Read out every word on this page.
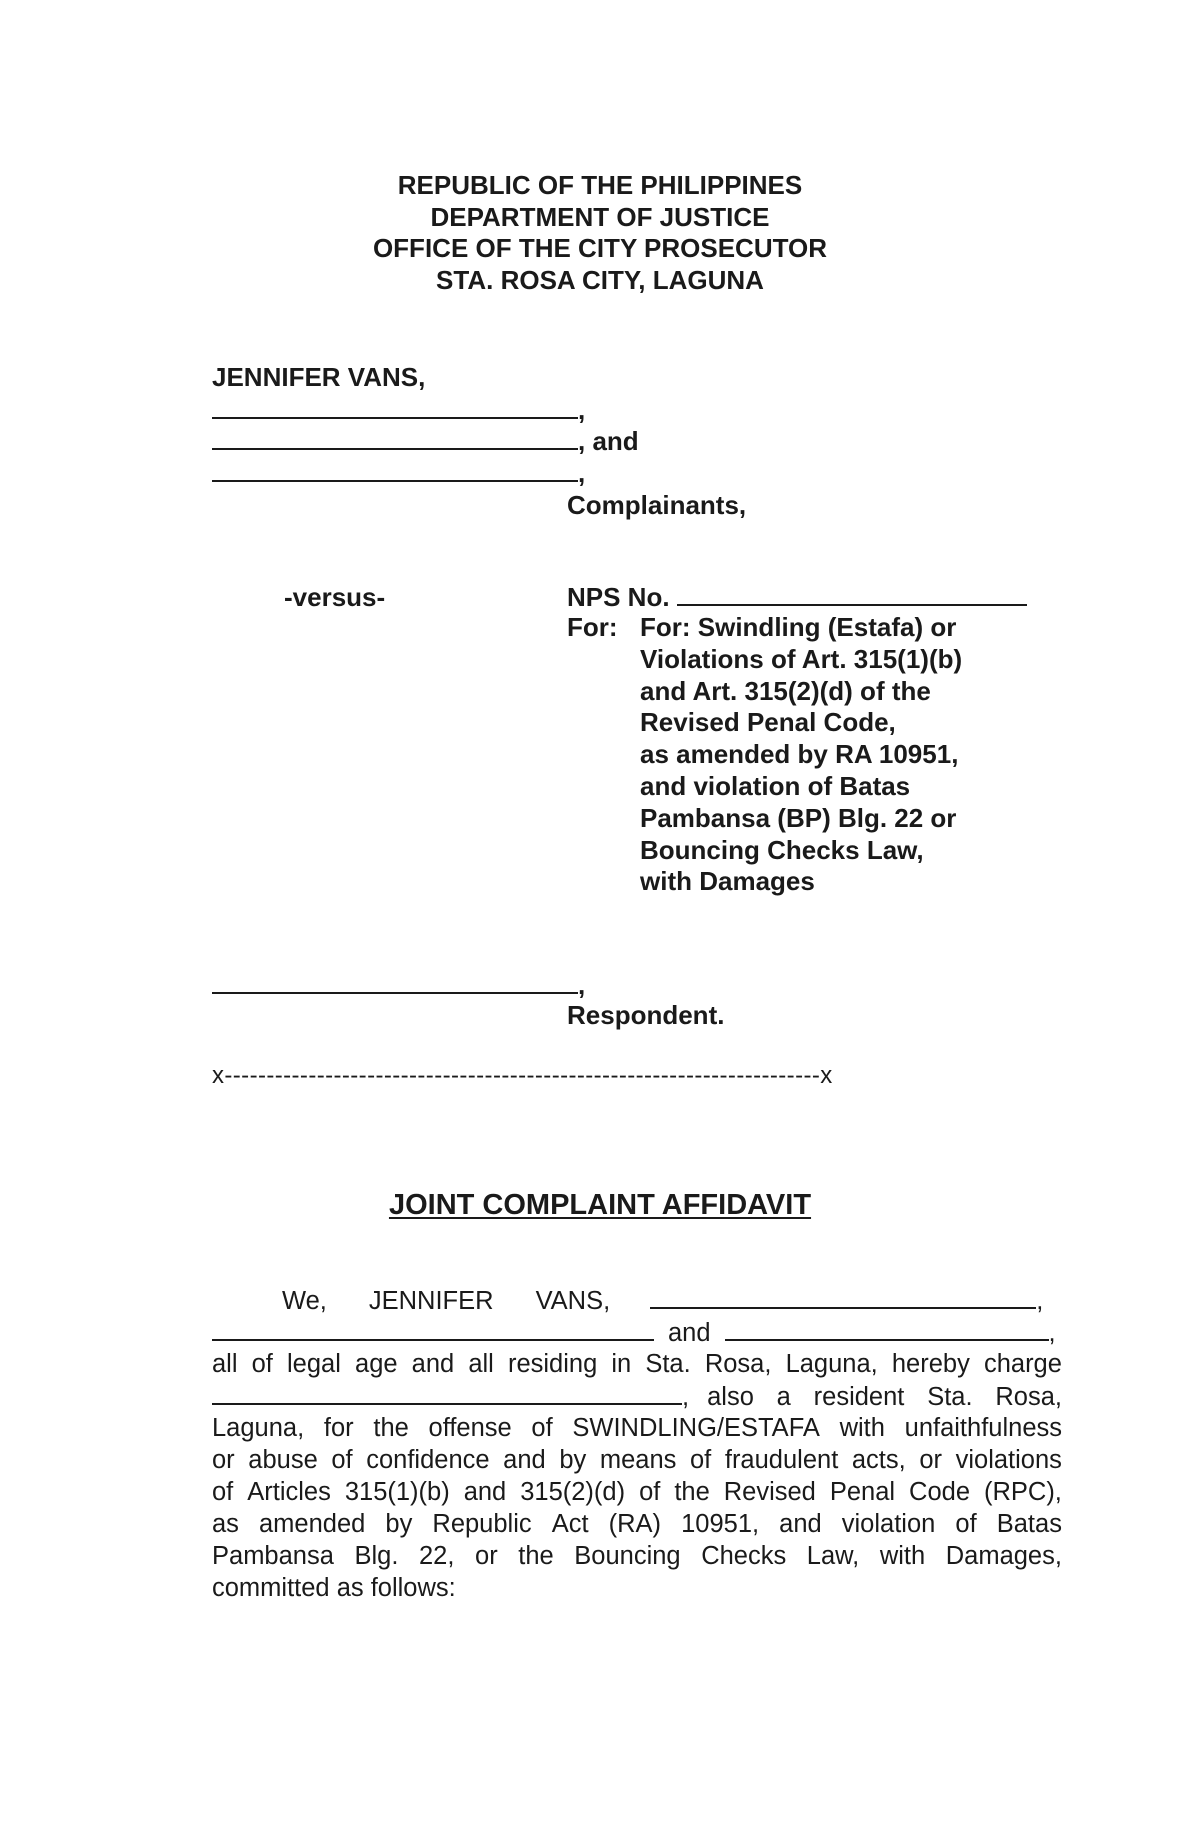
REPUBLIC OF THE PHILIPPINES
DEPARTMENT OF JUSTICE
OFFICE OF THE CITY PROSECUTOR
STA. ROSA CITY, LAGUNA
JENNIFER VANS,
,
, and
,
Complainants,
-versus-	NPS No.
For: For: Swindling (Estafa) or
Violations of Art. 315(1)(b)
and Art. 315(2)(d) of the
Revised Penal Code,
as amended by RA 10951,
and violation of Batas
Pambansa (BP) Blg. 22 or
Bouncing Checks Law,
with Damages
,
Respondent.
x-----------------------------------------------------------------------x
JOINT COMPLAINT AFFIDAVIT
We, JENNIFER VANS,	,
and	,
all of legal age and all residing in Sta. Rosa, Laguna, hereby charge
, also a resident Sta. Rosa,
Laguna, for the offense of SWINDLING/ESTAFA with unfaithfulness
or abuse of confidence and by means of fraudulent acts, or violations
of Articles 315(1)(b) and 315(2)(d) of the Revised Penal Code (RPC),
as amended by Republic Act (RA) 10951, and violation of Batas
Pambansa Blg. 22, or the Bouncing Checks Law, with Damages,
committed as follows:
